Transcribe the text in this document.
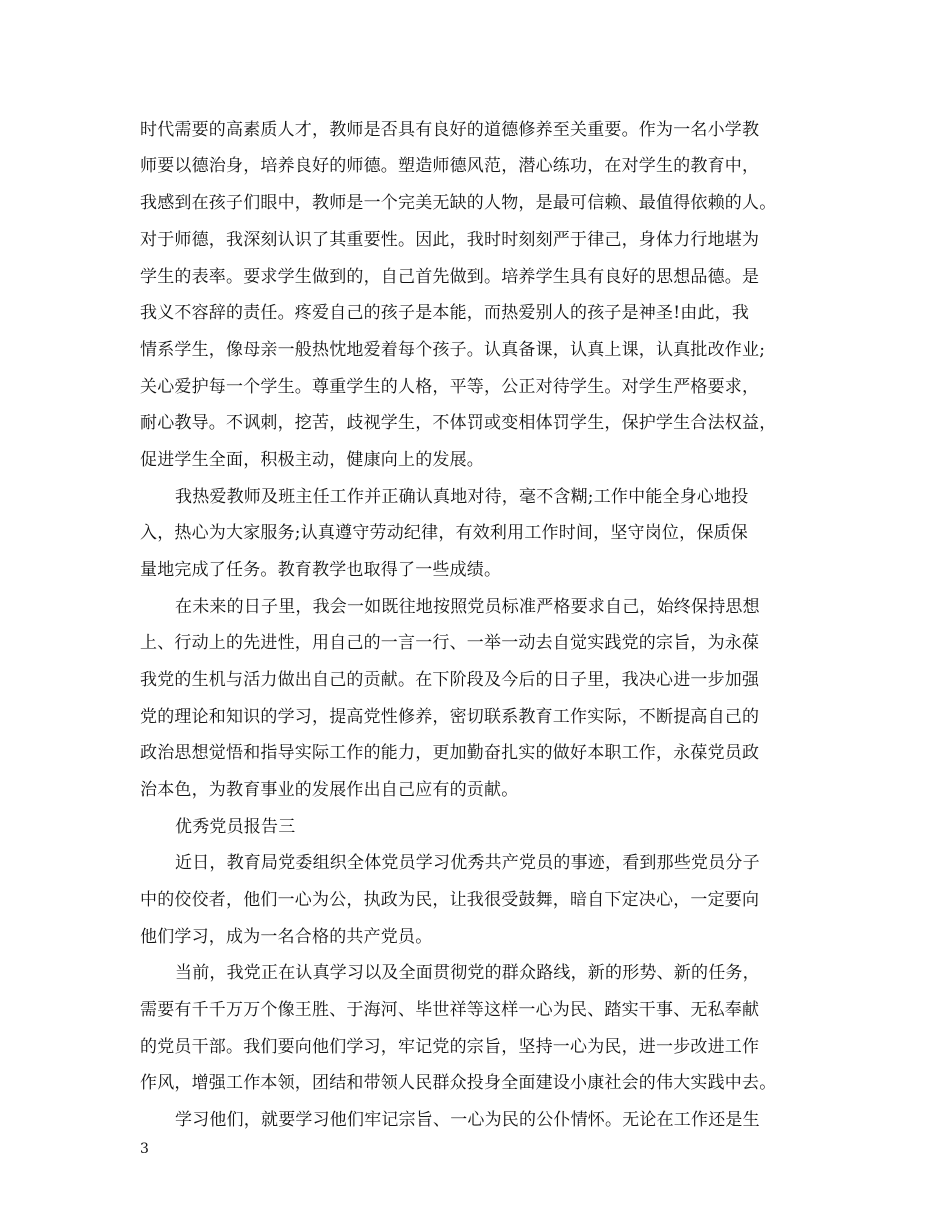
时代需要的高素质人才，教师是否具有良好的道德修养至关重要。作为一名小学教
师要以德治身，培养良好的师德。塑造师德风范，潜心练功，在对学生的教育中，
我感到在孩子们眼中，教师是一个完美无缺的人物，是最可信赖、最值得依赖的人。
对于师德，我深刻认识了其重要性。因此，我时时刻刻严于律己，身体力行地堪为
学生的表率。要求学生做到的，自己首先做到。培养学生具有良好的思想品德。是
我义不容辞的责任。疼爱自己的孩子是本能，而热爱别人的孩子是神圣!由此，我
情系学生，像母亲一般热忱地爱着每个孩子。认真备课，认真上课，认真批改作业;
关心爱护每一个学生。尊重学生的人格，平等，公正对待学生。对学生严格要求，
耐心教导。不讽刺，挖苦，歧视学生，不体罚或变相体罚学生，保护学生合法权益，
促进学生全面，积极主动，健康向上的发展。
我热爱教师及班主任工作并正确认真地对待，毫不含糊;工作中能全身心地投
入，热心为大家服务;认真遵守劳动纪律，有效利用工作时间，坚守岗位，保质保
量地完成了任务。教育教学也取得了一些成绩。
在未来的日子里，我会一如既往地按照党员标准严格要求自己，始终保持思想
上、行动上的先进性，用自己的一言一行、一举一动去自觉实践党的宗旨，为永葆
我党的生机与活力做出自己的贡献。在下阶段及今后的日子里，我决心进一步加强
党的理论和知识的学习，提高党性修养，密切联系教育工作实际，不断提高自己的
政治思想觉悟和指导实际工作的能力，更加勤奋扎实的做好本职工作，永葆党员政
治本色，为教育事业的发展作出自己应有的贡献。
优秀党员报告三
近日，教育局党委组织全体党员学习优秀共产党员的事迹，看到那些党员分子
中的佼佼者，他们一心为公，执政为民，让我很受鼓舞，暗自下定决心，一定要向
他们学习，成为一名合格的共产党员。
当前，我党正在认真学习以及全面贯彻党的群众路线，新的形势、新的任务，
需要有千千万万个像王胜、于海河、毕世祥等这样一心为民、踏实干事、无私奉献
的党员干部。我们要向他们学习，牢记党的宗旨，坚持一心为民，进一步改进工作
作风，增强工作本领，团结和带领人民群众投身全面建设小康社会的伟大实践中去。
学习他们，就要学习他们牢记宗旨、一心为民的公仆情怀。无论在工作还是生
3
